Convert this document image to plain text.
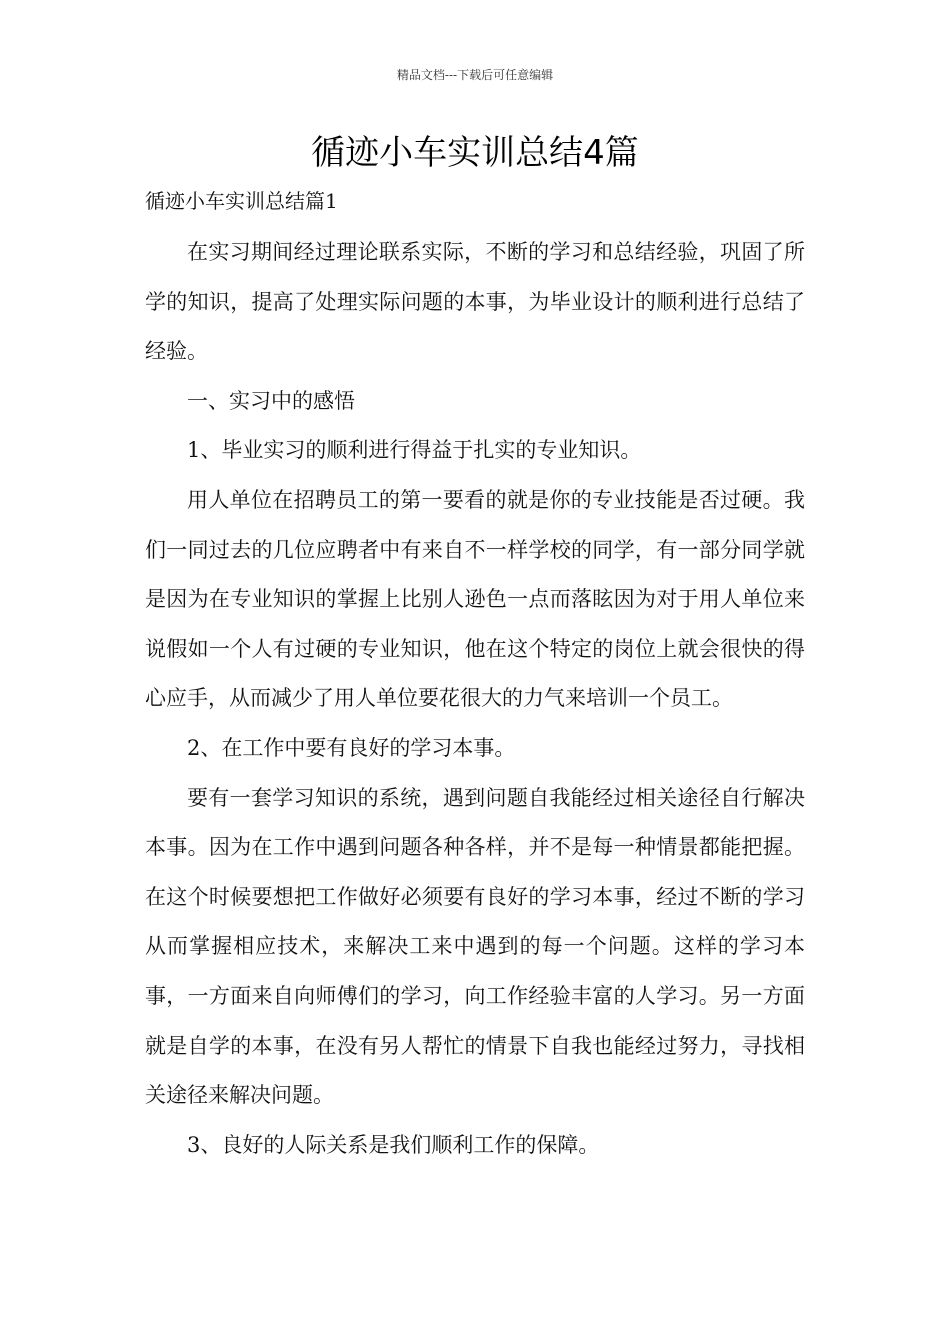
精品文档---下载后可任意编辑
循迹小车实训总结4篇
循迹小车实训总结篇1

在实习期间经过理论联系实际，不断的学习和总结经验，巩固了所学的知识，提高了处理实际问题的本事，为毕业设计的顺利进行总结了经验。

一、实习中的感悟

1、毕业实习的顺利进行得益于扎实的专业知识。

用人单位在招聘员工的第一要看的就是你的专业技能是否过硬。我们一同过去的几位应聘者中有来自不一样学校的同学，有一部分同学就是因为在专业知识的掌握上比别人逊色一点而落眩因为对于用人单位来说假如一个人有过硬的专业知识，他在这个特定的岗位上就会很快的得心应手，从而减少了用人单位要花很大的力气来培训一个员工。

2、在工作中要有良好的学习本事。

要有一套学习知识的系统，遇到问题自我能经过相关途径自行解决本事。因为在工作中遇到问题各种各样，并不是每一种情景都能把握。在这个时候要想把工作做好必须要有良好的学习本事，经过不断的学习从而掌握相应技术，来解决工来中遇到的每一个问题。这样的学习本事，一方面来自向师傅们的学习，向工作经验丰富的人学习。另一方面就是自学的本事，在没有另人帮忙的情景下自我也能经过努力，寻找相关途径来解决问题。

3、良好的人际关系是我们顺利工作的保障。
